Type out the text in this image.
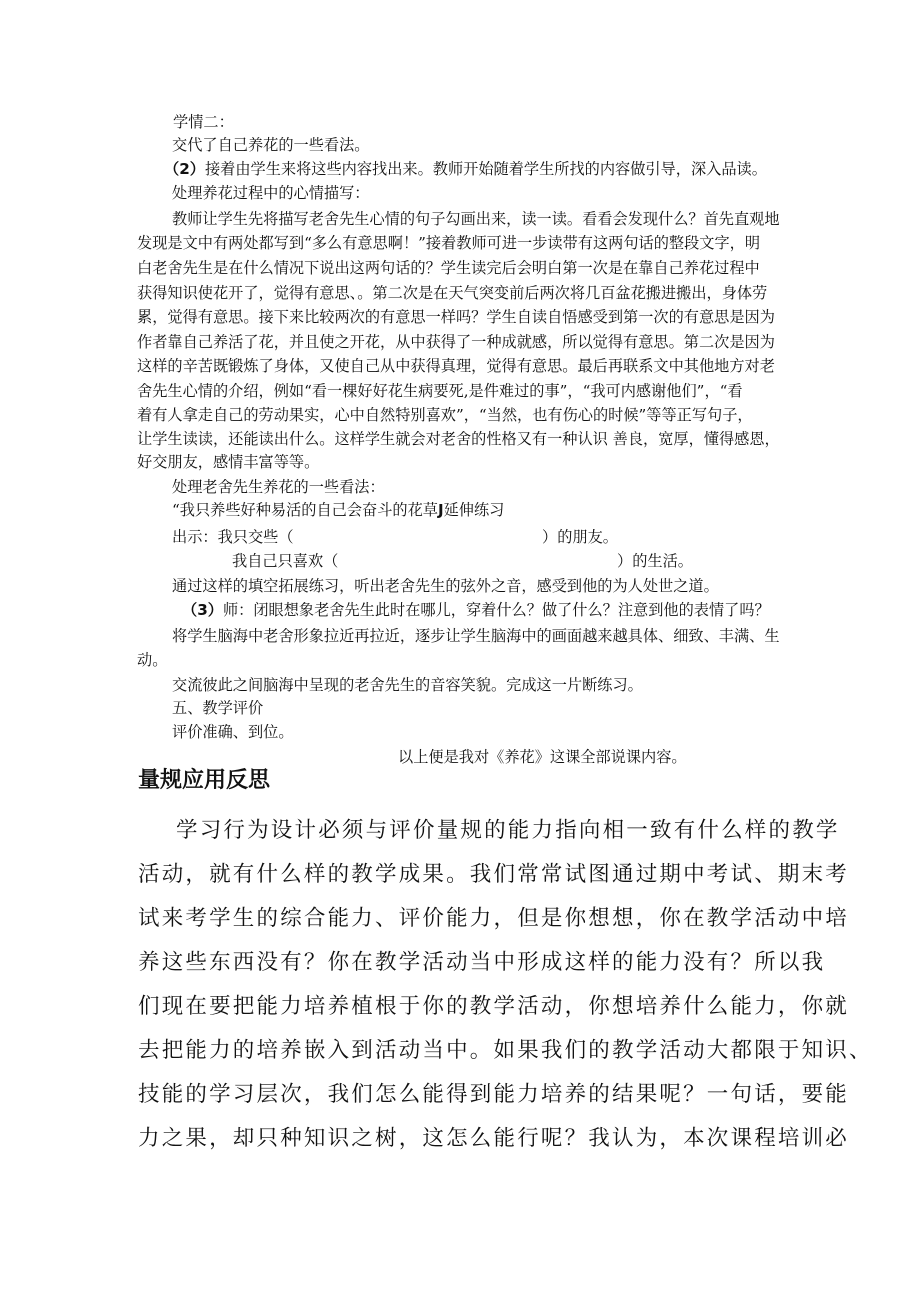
学情二：

交代了自己养花的一些看法。

（2）接着由学生来将这些内容找出来。教师开始随着学生所找的内容做引导，深入品读。

处理养花过程中的心情描写：

教师让学生先将描写老舍先生心情的句子勾画出来，读一读。看看会发现什么？首先直观地

发现是文中有两处都写到“多么有意思啊！”接着教师可进一步读带有这两句话的整段文字，明

白老舍先生是在什么情况下说出这两句话的？学生读完后会明白第一次是在靠自己养花过程中

获得知识使花开了，觉得有意思、。第二次是在天气突变前后两次将几百盆花搬进搬出，身体劳

累，觉得有意思。接下来比较两次的有意思一样吗？学生自读自悟感受到第一次的有意思是因为

作者靠自己养活了花，并且使之开花，从中获得了一种成就感，所以觉得有意思。第二次是因为

这样的辛苦既锻炼了身体，又使自己从中获得真理，觉得有意思。最后再联系文中其他地方对老

舍先生心情的介绍，例如“看一棵好好花生病要死,是件难过的事”，“我可内感谢他们”，“看

着有人拿走自己的劳动果实，心中自然特别喜欢”，“当然，也有伤心的时候”等等正写句子，

让学生读读，还能读出什么。这样学生就会对老舍的性格又有一种认识 善良，宽厚，懂得感恩，

好交朋友，感情丰富等等。

处理老舍先生养花的一些看法：

“我只养些好种易活的自己会奋斗的花草J延伸练习

出示：我只交些（	）的朋友。

我自己只喜欢（	）的生活。

通过这样的填空拓展练习，听出老舍先生的弦外之音，感受到他的为人处世之道。

（3）师：闭眼想象老舍先生此时在哪儿，穿着什么？做了什么？注意到他的表情了吗？

将学生脑海中老舍形象拉近再拉近，逐步让学生脑海中的画面越来越具体、细致、丰满、生

动。

交流彼此之间脑海中呈现的老舍先生的音容笑貌。完成这一片断练习。

五、教学评价

评价准确、到位。

以上便是我对《养花》这课全部说课内容。

量规应用反思

学习行为设计必须与评价量规的能力指向相一致有什么样的教学

活动，就有什么样的教学成果。我们常常试图通过期中考试、期末考

试来考学生的综合能力、评价能力，但是你想想，你在教学活动中培

养这些东西没有？你在教学活动当中形成这样的能力没有？所以我

们现在要把能力培养植根于你的教学活动，你想培养什么能力，你就

去把能力的培养嵌入到活动当中。如果我们的教学活动大都限于知识、

技能的学习层次，我们怎么能得到能力培养的结果呢？一句话，要能

力之果，却只种知识之树，这怎么能行呢？我认为，本次课程培训必
